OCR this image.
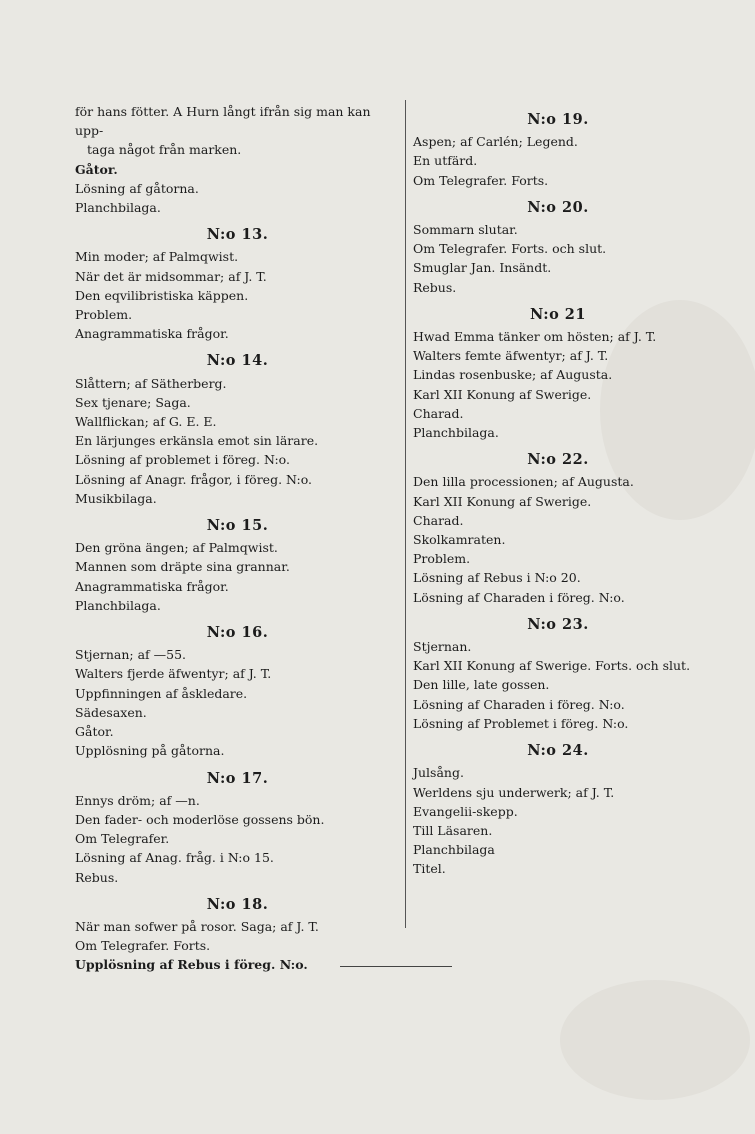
för hans fötter. A Hurn långt ifrån sig man kan upp-
taga något från marken.
Gåtor.
Lösning af gåtorna.
Planchbilaga.
N:o 13.
Min moder; af Palmqwist.
När det är midsommar; af J. T.
Den eqvilibristiska käppen.
Problem.
Anagrammatiska frågor.
N:o 14.
Slåttern; af Sätherberg.
Sex tjenare; Saga.
Wallflickan; af G. E. E.
En lärjunges erkänsla emot sin lärare.
Lösning af problemet i föreg. N:o.
Lösning af Anagr. frågor, i föreg. N:o.
Musikbilaga.
N:o 15.
Den gröna ängen; af Palmqwist.
Mannen som dräpte sina grannar.
Anagrammatiska frågor.
Planchbilaga.
N:o 16.
Stjernan; af —55.
Walters fjerde äfwentyr; af J. T.
Uppfinningen af åskledare.
Sädesaxen.
Gåtor.
Upplösning på gåtorna.
N:o 17.
Ennys dröm; af —n.
Den fader- och moderlöse gossens bön.
Om Telegrafer.
Lösning af Anag. fråg. i N:o 15.
Rebus.
N:o 18.
När man sofwer på rosor. Saga; af J. T.
Om Telegrafer. Forts.
Upplösning af Rebus i föreg. N:o.
N:o 19.
Aspen; af Carlén; Legend.
En utfärd.
Om Telegrafer. Forts.
N:o 20.
Sommarn slutar.
Om Telegrafer. Forts. och slut.
Smuglar Jan. Insändt.
Rebus.
N:o 21
Hwad Emma tänker om hösten; af J. T.
Walters femte äfwentyr; af J. T.
Lindas rosenbuske; af Augusta.
Karl XII Konung af Swerige.
Charad.
Planchbilaga.
N:o 22.
Den lilla processionen; af Augusta.
Karl XII Konung af Swerige.
Charad.
Skolkamraten.
Problem.
Lösning af Rebus i N:o 20.
Lösning af Charaden i föreg. N:o.
N:o 23.
Stjernan.
Karl XII Konung af Swerige. Forts. och slut.
Den lille, late gossen.
Lösning af Charaden i föreg. N:o.
Lösning af Problemet i föreg. N:o.
N:o 24.
Julsång.
Werldens sju underwerk; af J. T.
Evangelii-skepp.
Till Läsaren.
Planchbilaga
Titel.
